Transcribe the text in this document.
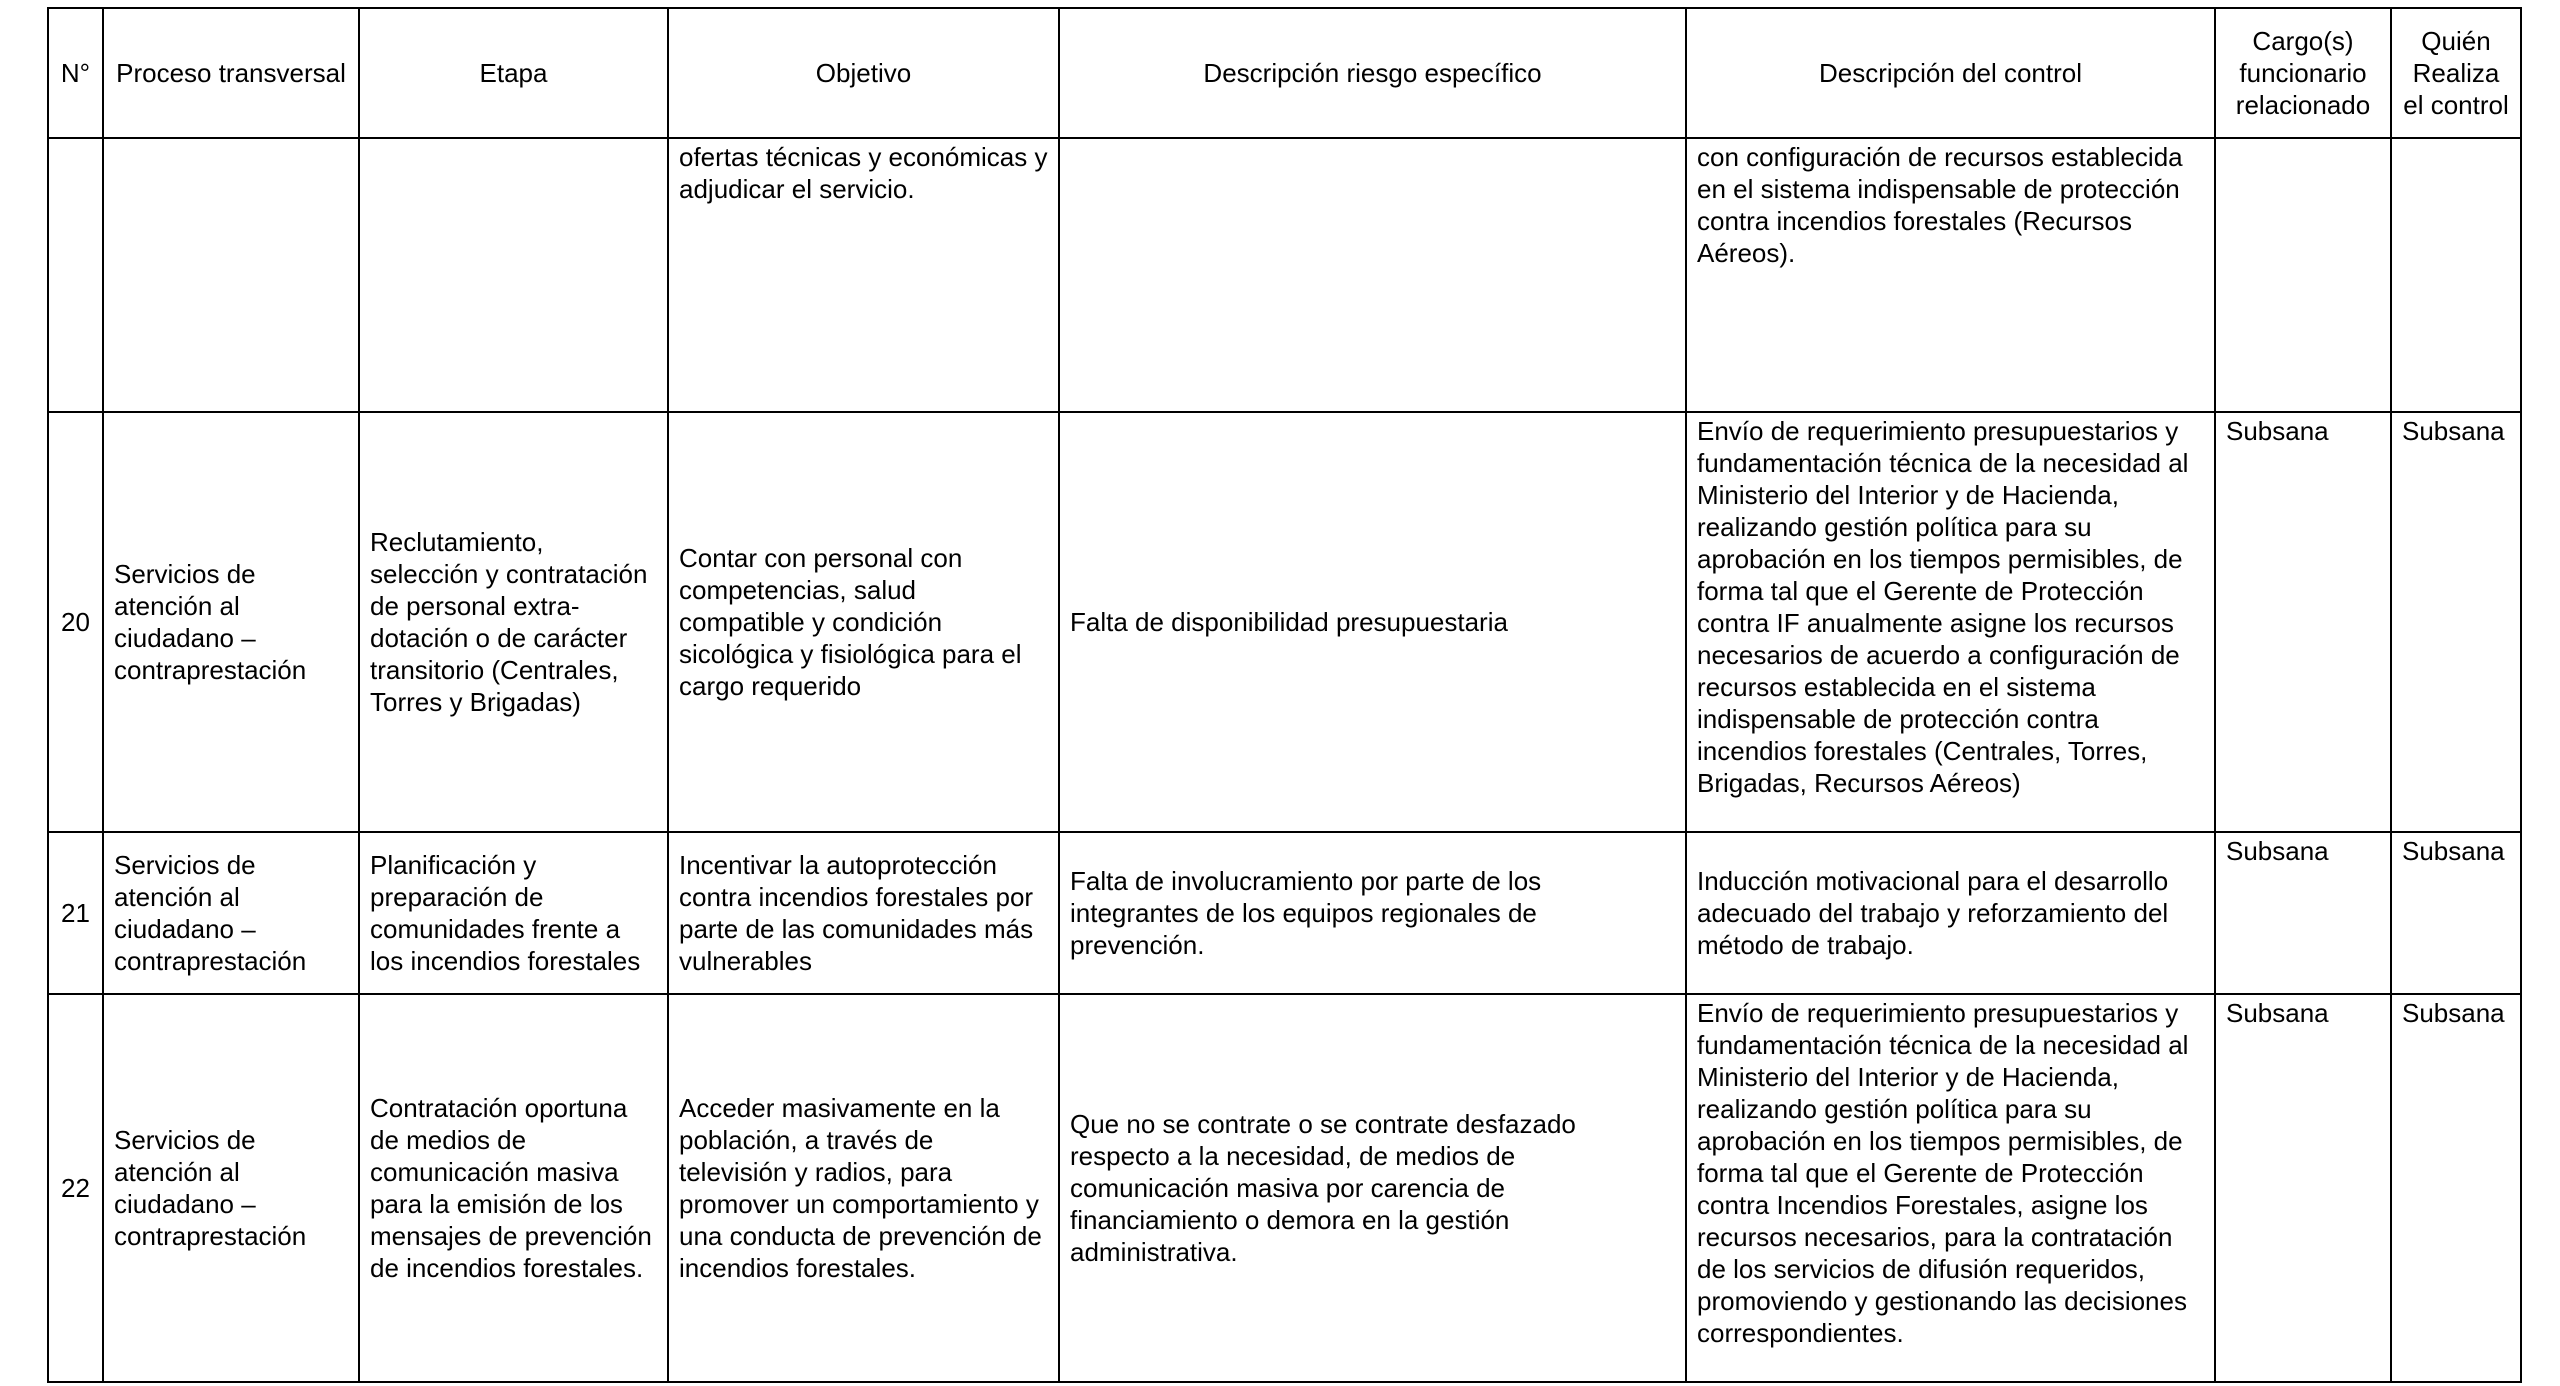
N°	Proceso transversal	Etapa	Objetivo	Descripción riesgo específico	Descripción del control	Cargo(s) funcionario relacionado	Quién Realiza el control
			ofertas técnicas y económicas y adjudicar el servicio.		con configuración de recursos establecida en el sistema indispensable de protección contra incendios forestales (Recursos Aéreos).		
20	Servicios de atención al ciudadano – contraprestación	Reclutamiento, selección y contratación de personal extra-dotación o de carácter transitorio (Centrales, Torres y Brigadas)	Contar con personal con competencias, salud compatible y condición sicológica y fisiológica para el cargo requerido	Falta de disponibilidad presupuestaria	Envío de requerimiento presupuestarios y fundamentación técnica de la necesidad al Ministerio del Interior y de Hacienda, realizando gestión política para su aprobación en los tiempos permisibles, de forma tal que el Gerente de Protección contra IF anualmente asigne los recursos necesarios de acuerdo a configuración de recursos establecida en el sistema indispensable de protección contra incendios forestales (Centrales, Torres, Brigadas, Recursos Aéreos)	Subsana	Subsana
21	Servicios de atención al ciudadano – contraprestación	Planificación y preparación de comunidades frente a los incendios forestales	Incentivar la autoprotección contra incendios forestales por parte de las comunidades más vulnerables	Falta de involucramiento por parte de los integrantes de los equipos regionales de prevención.	Inducción motivacional para el desarrollo adecuado del trabajo y reforzamiento del método de trabajo.	Subsana	Subsana
22	Servicios de atención al ciudadano – contraprestación	Contratación oportuna de medios de comunicación masiva para la emisión de los mensajes de prevención de incendios forestales.	Acceder masivamente en la población, a través de televisión y radios, para promover un comportamiento y una conducta de prevención de incendios forestales.	Que no se contrate o se contrate desfazado respecto a la necesidad, de medios de comunicación masiva por carencia de financiamiento o demora en la gestión administrativa.	Envío de requerimiento presupuestarios y fundamentación técnica de la necesidad al Ministerio del Interior y de Hacienda, realizando gestión política para su aprobación en los tiempos permisibles, de forma tal que el Gerente de Protección contra Incendios Forestales, asigne los recursos necesarios, para la contratación de los servicios de difusión requeridos, promoviendo y gestionando las decisiones correspondientes.	Subsana	Subsana
